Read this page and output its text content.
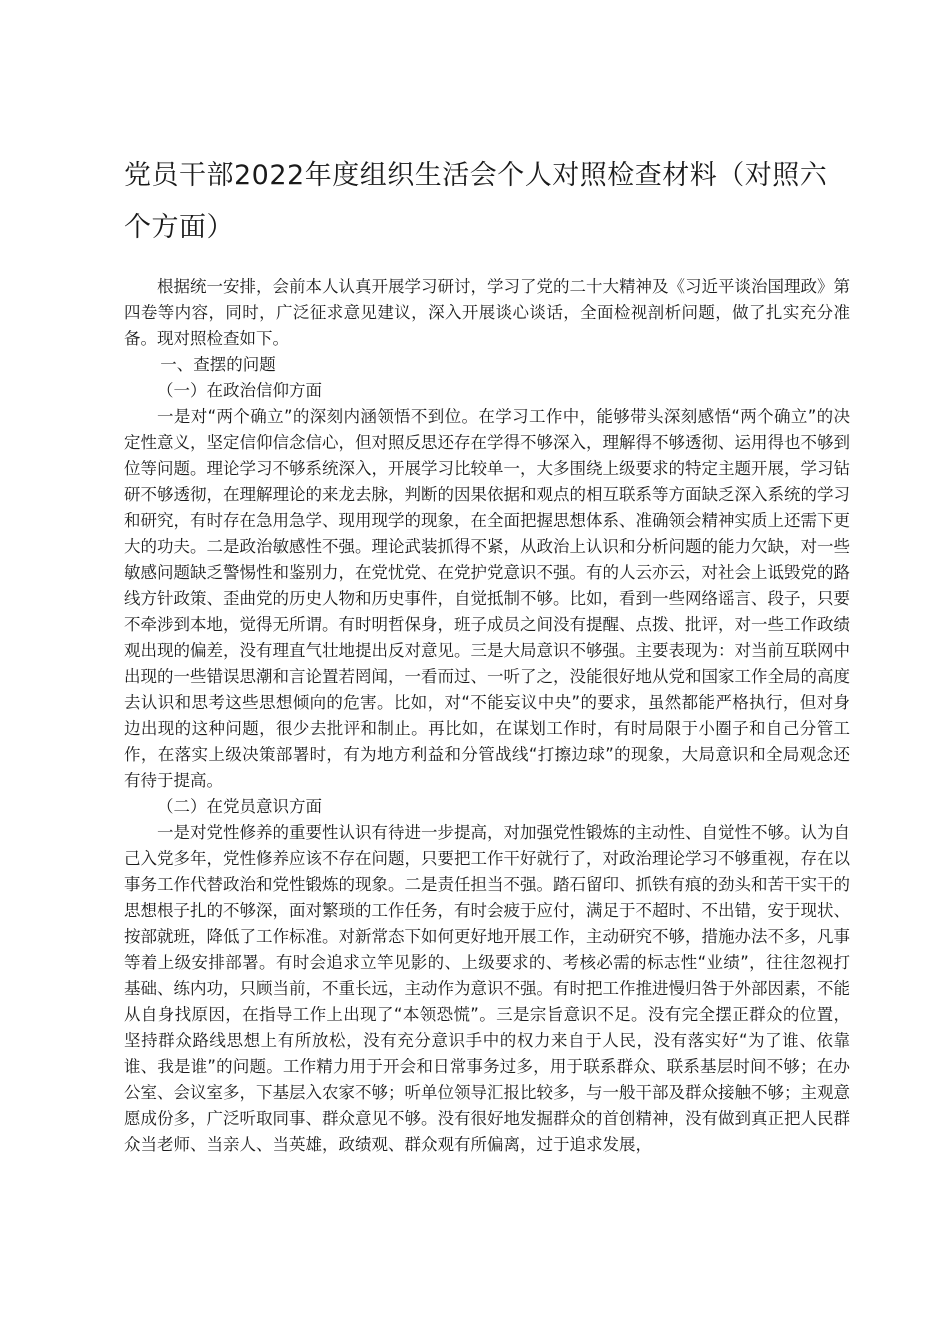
党员干部2022年度组织生活会个人对照检查材料（对照六个方面）

根据统一安排，会前本人认真开展学习研讨，学习了党的二十大精神及《习近平谈治国理政》第四卷等内容，同时，广泛征求意见建议，深入开展谈心谈话，全面检视剖析问题，做了扎实充分准备。现对照检查如下。

一、查摆的问题

（一）在政治信仰方面

一是对“两个确立”的深刻内涵领悟不到位。在学习工作中，能够带头深刻感悟“两个确立”的决定性意义，坚定信仰信念信心，但对照反思还存在学得不够深入，理解得不够透彻、运用得也不够到位等问题。理论学习不够系统深入，开展学习比较单一，大多围绕上级要求的特定主题开展，学习钻研不够透彻，在理解理论的来龙去脉，判断的因果依据和观点的相互联系等方面缺乏深入系统的学习和研究，有时存在急用急学、现用现学的现象，在全面把握思想体系、准确领会精神实质上还需下更大的功夫。二是政治敏感性不强。理论武装抓得不紧，从政治上认识和分析问题的能力欠缺，对一些敏感问题缺乏警惕性和鉴别力，在党忧党、在党护党意识不强。有的人云亦云，对社会上诋毁党的路线方针政策、歪曲党的历史人物和历史事件，自觉抵制不够。比如，看到一些网络谣言、段子，只要不牵涉到本地，觉得无所谓。有时明哲保身，班子成员之间没有提醒、点拨、批评，对一些工作政绩观出现的偏差，没有理直气壮地提出反对意见。三是大局意识不够强。主要表现为：对当前互联网中出现的一些错误思潮和言论置若罔闻，一看而过、一听了之，没能很好地从党和国家工作全局的高度去认识和思考这些思想倾向的危害。比如，对“不能妄议中央”的要求，虽然都能严格执行，但对身边出现的这种问题，很少去批评和制止。再比如，在谋划工作时，有时局限于小圈子和自己分管工作，在落实上级决策部署时，有为地方利益和分管战线“打擦边球”的现象，大局意识和全局观念还有待于提高。

（二）在党员意识方面

一是对党性修养的重要性认识有待进一步提高，对加强党性锻炼的主动性、自觉性不够。认为自己入党多年，党性修养应该不存在问题，只要把工作干好就行了，对政治理论学习不够重视，存在以事务工作代替政治和党性锻炼的现象。二是责任担当不强。踏石留印、抓铁有痕的劲头和苦干实干的思想根子扎的不够深，面对繁琐的工作任务，有时会疲于应付，满足于不超时、不出错，安于现状、按部就班，降低了工作标准。对新常态下如何更好地开展工作，主动研究不够，措施办法不多，凡事等着上级安排部署。有时会追求立竿见影的、上级要求的、考核必需的标志性“业绩”，往往忽视打基础、练内功，只顾当前，不重长远，主动作为意识不强。有时把工作推进慢归咎于外部因素，不能从自身找原因，在指导工作上出现了“本领恐慌”。三是宗旨意识不足。没有完全摆正群众的位置，坚持群众路线思想上有所放松，没有充分意识手中的权力来自于人民，没有落实好“为了谁、依靠谁、我是谁”的问题。工作精力用于开会和日常事务过多，用于联系群众、联系基层时间不够；在办公室、会议室多，下基层入农家不够；听单位领导汇报比较多，与一般干部及群众接触不够；主观意愿成份多，广泛听取同事、群众意见不够。没有很好地发掘群众的首创精神，没有做到真正把人民群众当老师、当亲人、当英雄，政绩观、群众观有所偏离，过于追求发展，
